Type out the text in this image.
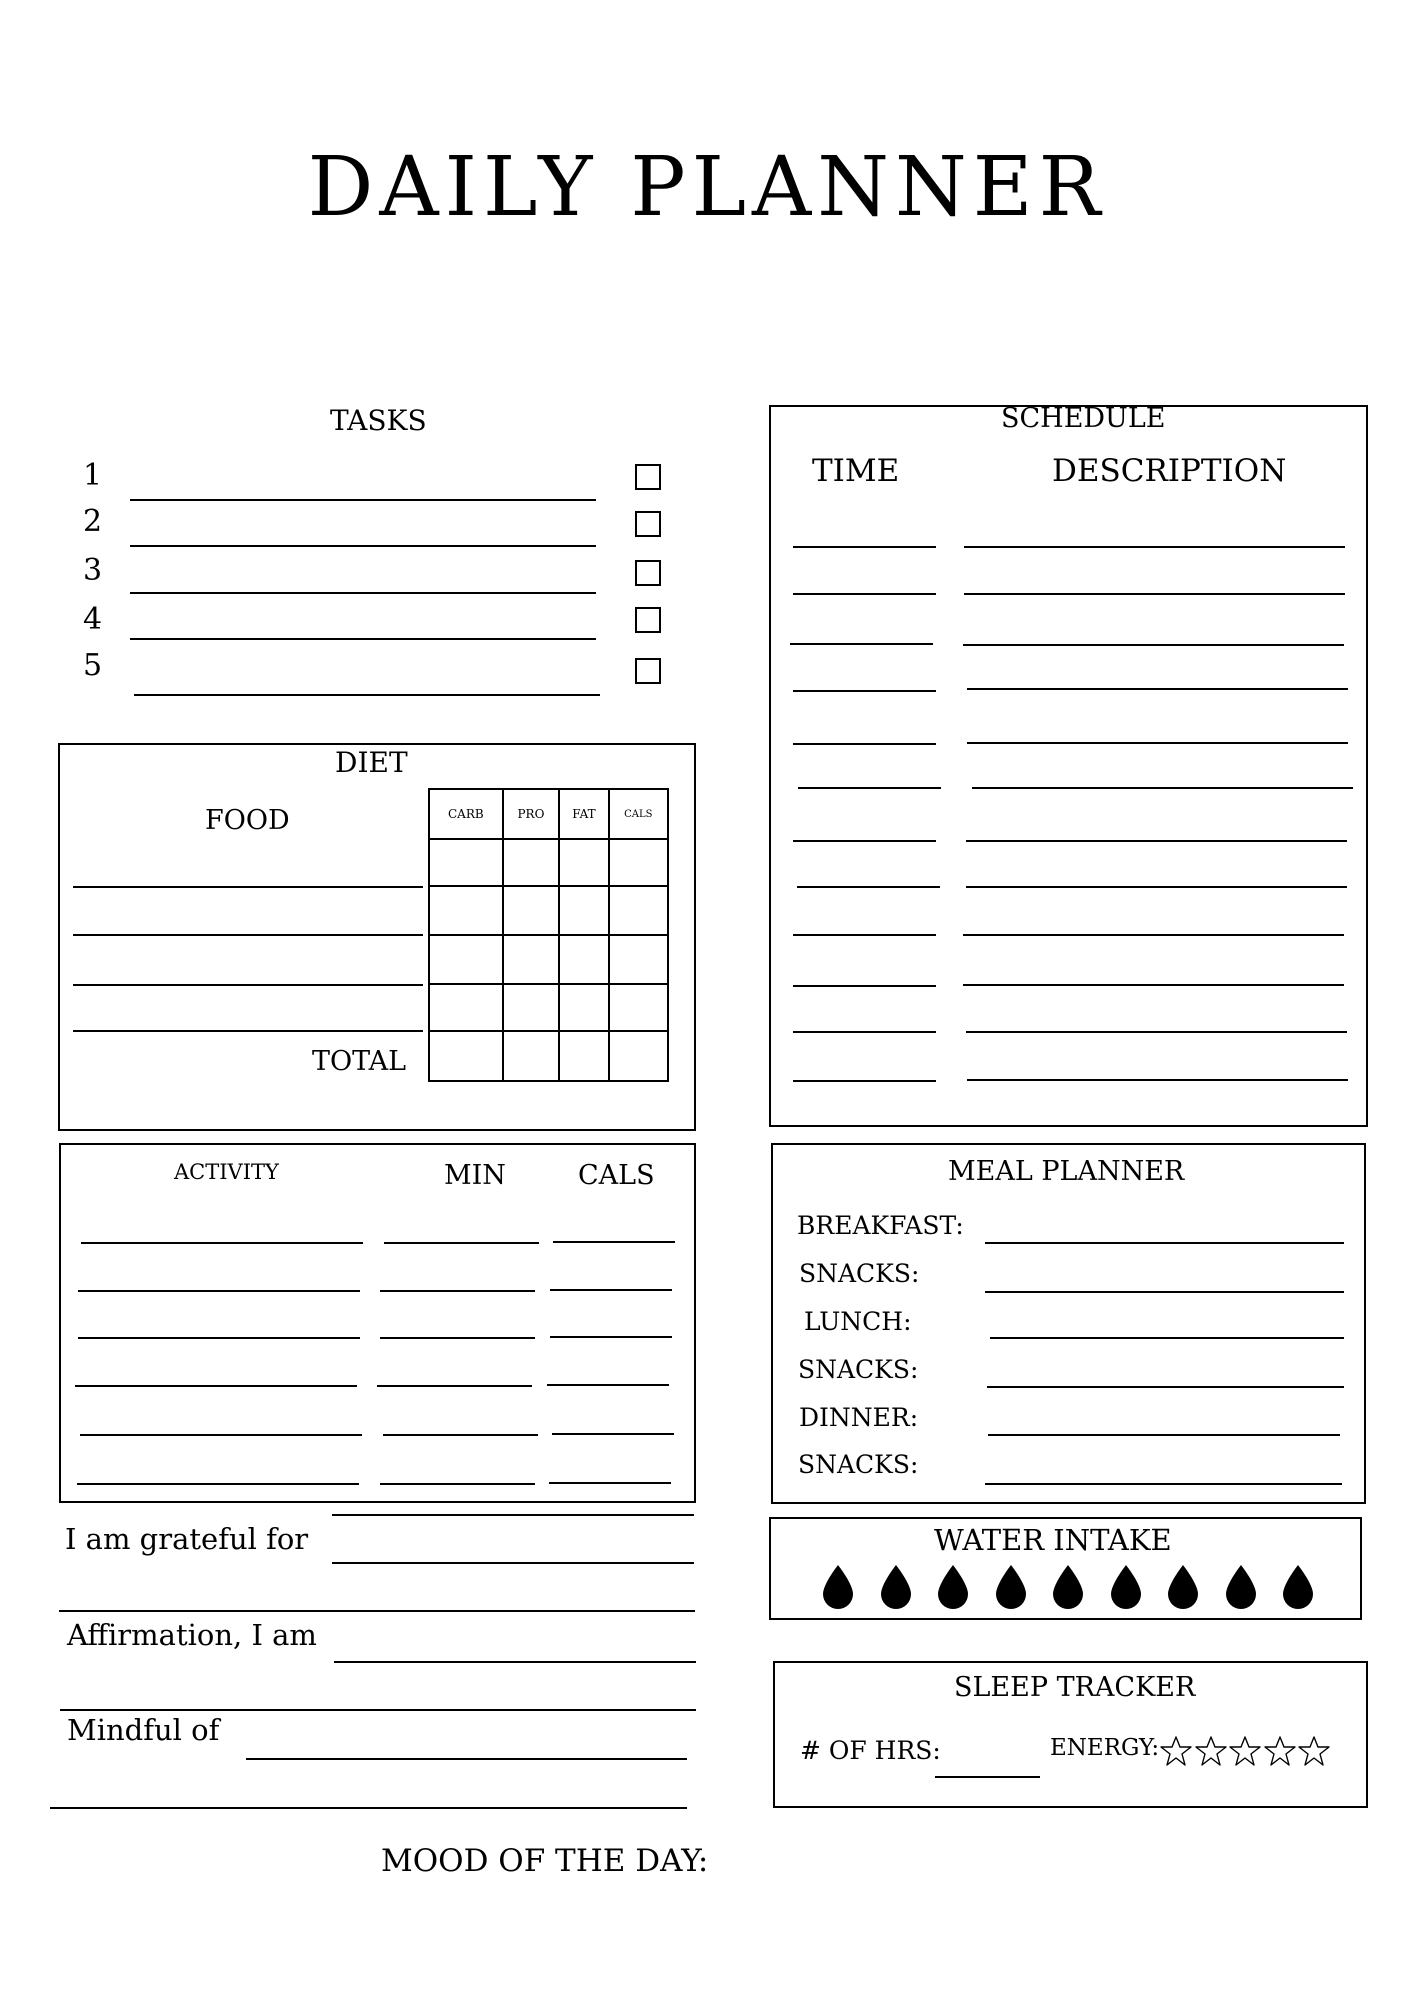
DAILY PLANNER
TASKS
1
2
3
4
5
DIET
FOOD
TOTAL
CARB	PRO	FAT	CALS

ACTIVITY	MIN	CALS
I am grateful for
Affirmation, I am
Mindful of
MOOD OF THE DAY:
SCHEDULE
TIME	DESCRIPTION
MEAL PLANNER
BREAKFAST:
SNACKS:
LUNCH:
SNACKS:
DINNER:
SNACKS:
WATER INTAKE
SLEEP TRACKER
# OF HRS:	ENERGY:
